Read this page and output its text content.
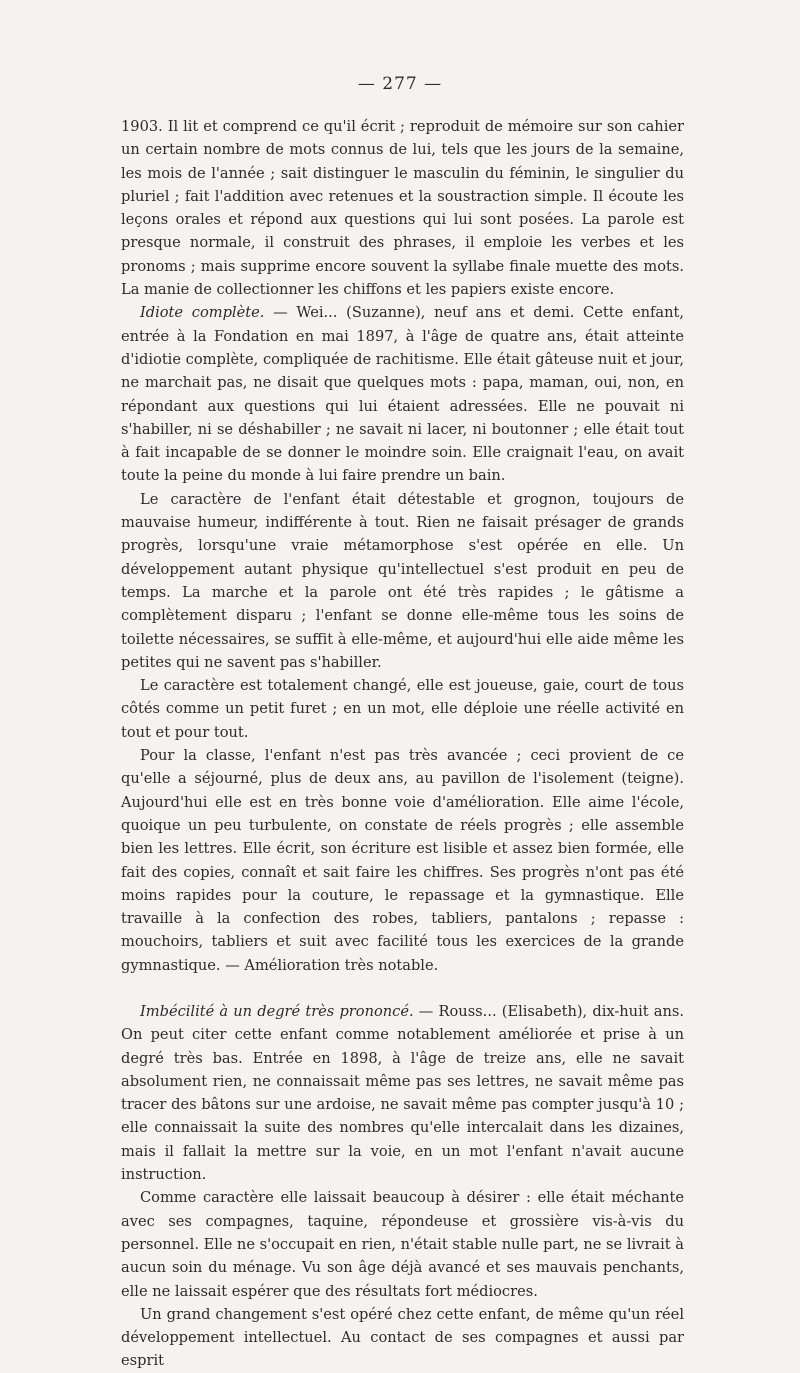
— 277 —

1903. Il lit et comprend ce qu'il écrit ; reproduit de mémoire sur son cahier un certain nombre de mots connus de lui, tels que les jours de la semaine, les mois de l'année ; sait distinguer le masculin du féminin, le singulier du pluriel ; fait l'addition avec retenues et la soustraction simple. Il écoute les leçons orales et répond aux questions qui lui sont posées. La parole est presque normale, il construit des phrases, il emploie les verbes et les pronoms ; mais supprime encore souvent la syllabe finale muette des mots. La manie de collectionner les chiffons et les papiers existe encore.

Idiote complète. — Wei... (Suzanne), neuf ans et demi. Cette enfant, entrée à la Fondation en mai 1897, à l'âge de quatre ans, était atteinte d'idiotie complète, compliquée de rachitisme. Elle était gâteuse nuit et jour, ne marchait pas, ne disait que quelques mots : papa, maman, oui, non, en répondant aux questions qui lui étaient adressées. Elle ne pouvait ni s'habiller, ni se déshabiller ; ne savait ni lacer, ni boutonner ; elle était tout à fait incapable de se donner le moindre soin. Elle craignait l'eau, on avait toute la peine du monde à lui faire prendre un bain.

Le caractère de l'enfant était détestable et grognon, toujours de mauvaise humeur, indifférente à tout. Rien ne faisait présager de grands progrès, lorsqu'une vraie métamorphose s'est opérée en elle. Un développement autant physique qu'intellectuel s'est produit en peu de temps. La marche et la parole ont été très rapides ; le gâtisme a complètement disparu ; l'enfant se donne elle-même tous les soins de toilette nécessaires, se suffit à elle-même, et aujourd'hui elle aide même les petites qui ne savent pas s'habiller.

Le caractère est totalement changé, elle est joueuse, gaie, court de tous côtés comme un petit furet ; en un mot, elle déploie une réelle activité en tout et pour tout.

Pour la classe, l'enfant n'est pas très avancée ; ceci provient de ce qu'elle a séjourné, plus de deux ans, au pavillon de l'isolement (teigne). Aujourd'hui elle est en très bonne voie d'amélioration. Elle aime l'école, quoique un peu turbulente, on constate de réels progrès ; elle assemble bien les lettres. Elle écrit, son écriture est lisible et assez bien formée, elle fait des copies, connaît et sait faire les chiffres. Ses progrès n'ont pas été moins rapides pour la couture, le repassage et la gymnastique. Elle travaille à la confection des robes, tabliers, pantalons ; repasse : mouchoirs, tabliers et suit avec facilité tous les exercices de la grande gymnastique. — Amélioration très notable.

Imbécilité à un degré très prononcé. — Rouss... (Elisabeth), dix-huit ans. On peut citer cette enfant comme notablement améliorée et prise à un degré très bas. Entrée en 1898, à l'âge de treize ans, elle ne savait absolument rien, ne connaissait même pas ses lettres, ne savait même pas tracer des bâtons sur une ardoise, ne savait même pas compter jusqu'à 10 ; elle connaissait la suite des nombres qu'elle intercalait dans les dizaines, mais il fallait la mettre sur la voie, en un mot l'enfant n'avait aucune instruction.

Comme caractère elle laissait beaucoup à désirer : elle était méchante avec ses compagnes, taquine, répondeuse et grossière vis-à-vis du personnel. Elle ne s'occupait en rien, n'était stable nulle part, ne se livrait à aucun soin du ménage. Vu son âge déjà avancé et ses mauvais penchants, elle ne laissait espérer que des résultats fort médiocres.

Un grand changement s'est opéré chez cette enfant, de même qu'un réel développement intellectuel. Au contact de ses compagnes et aussi par esprit
